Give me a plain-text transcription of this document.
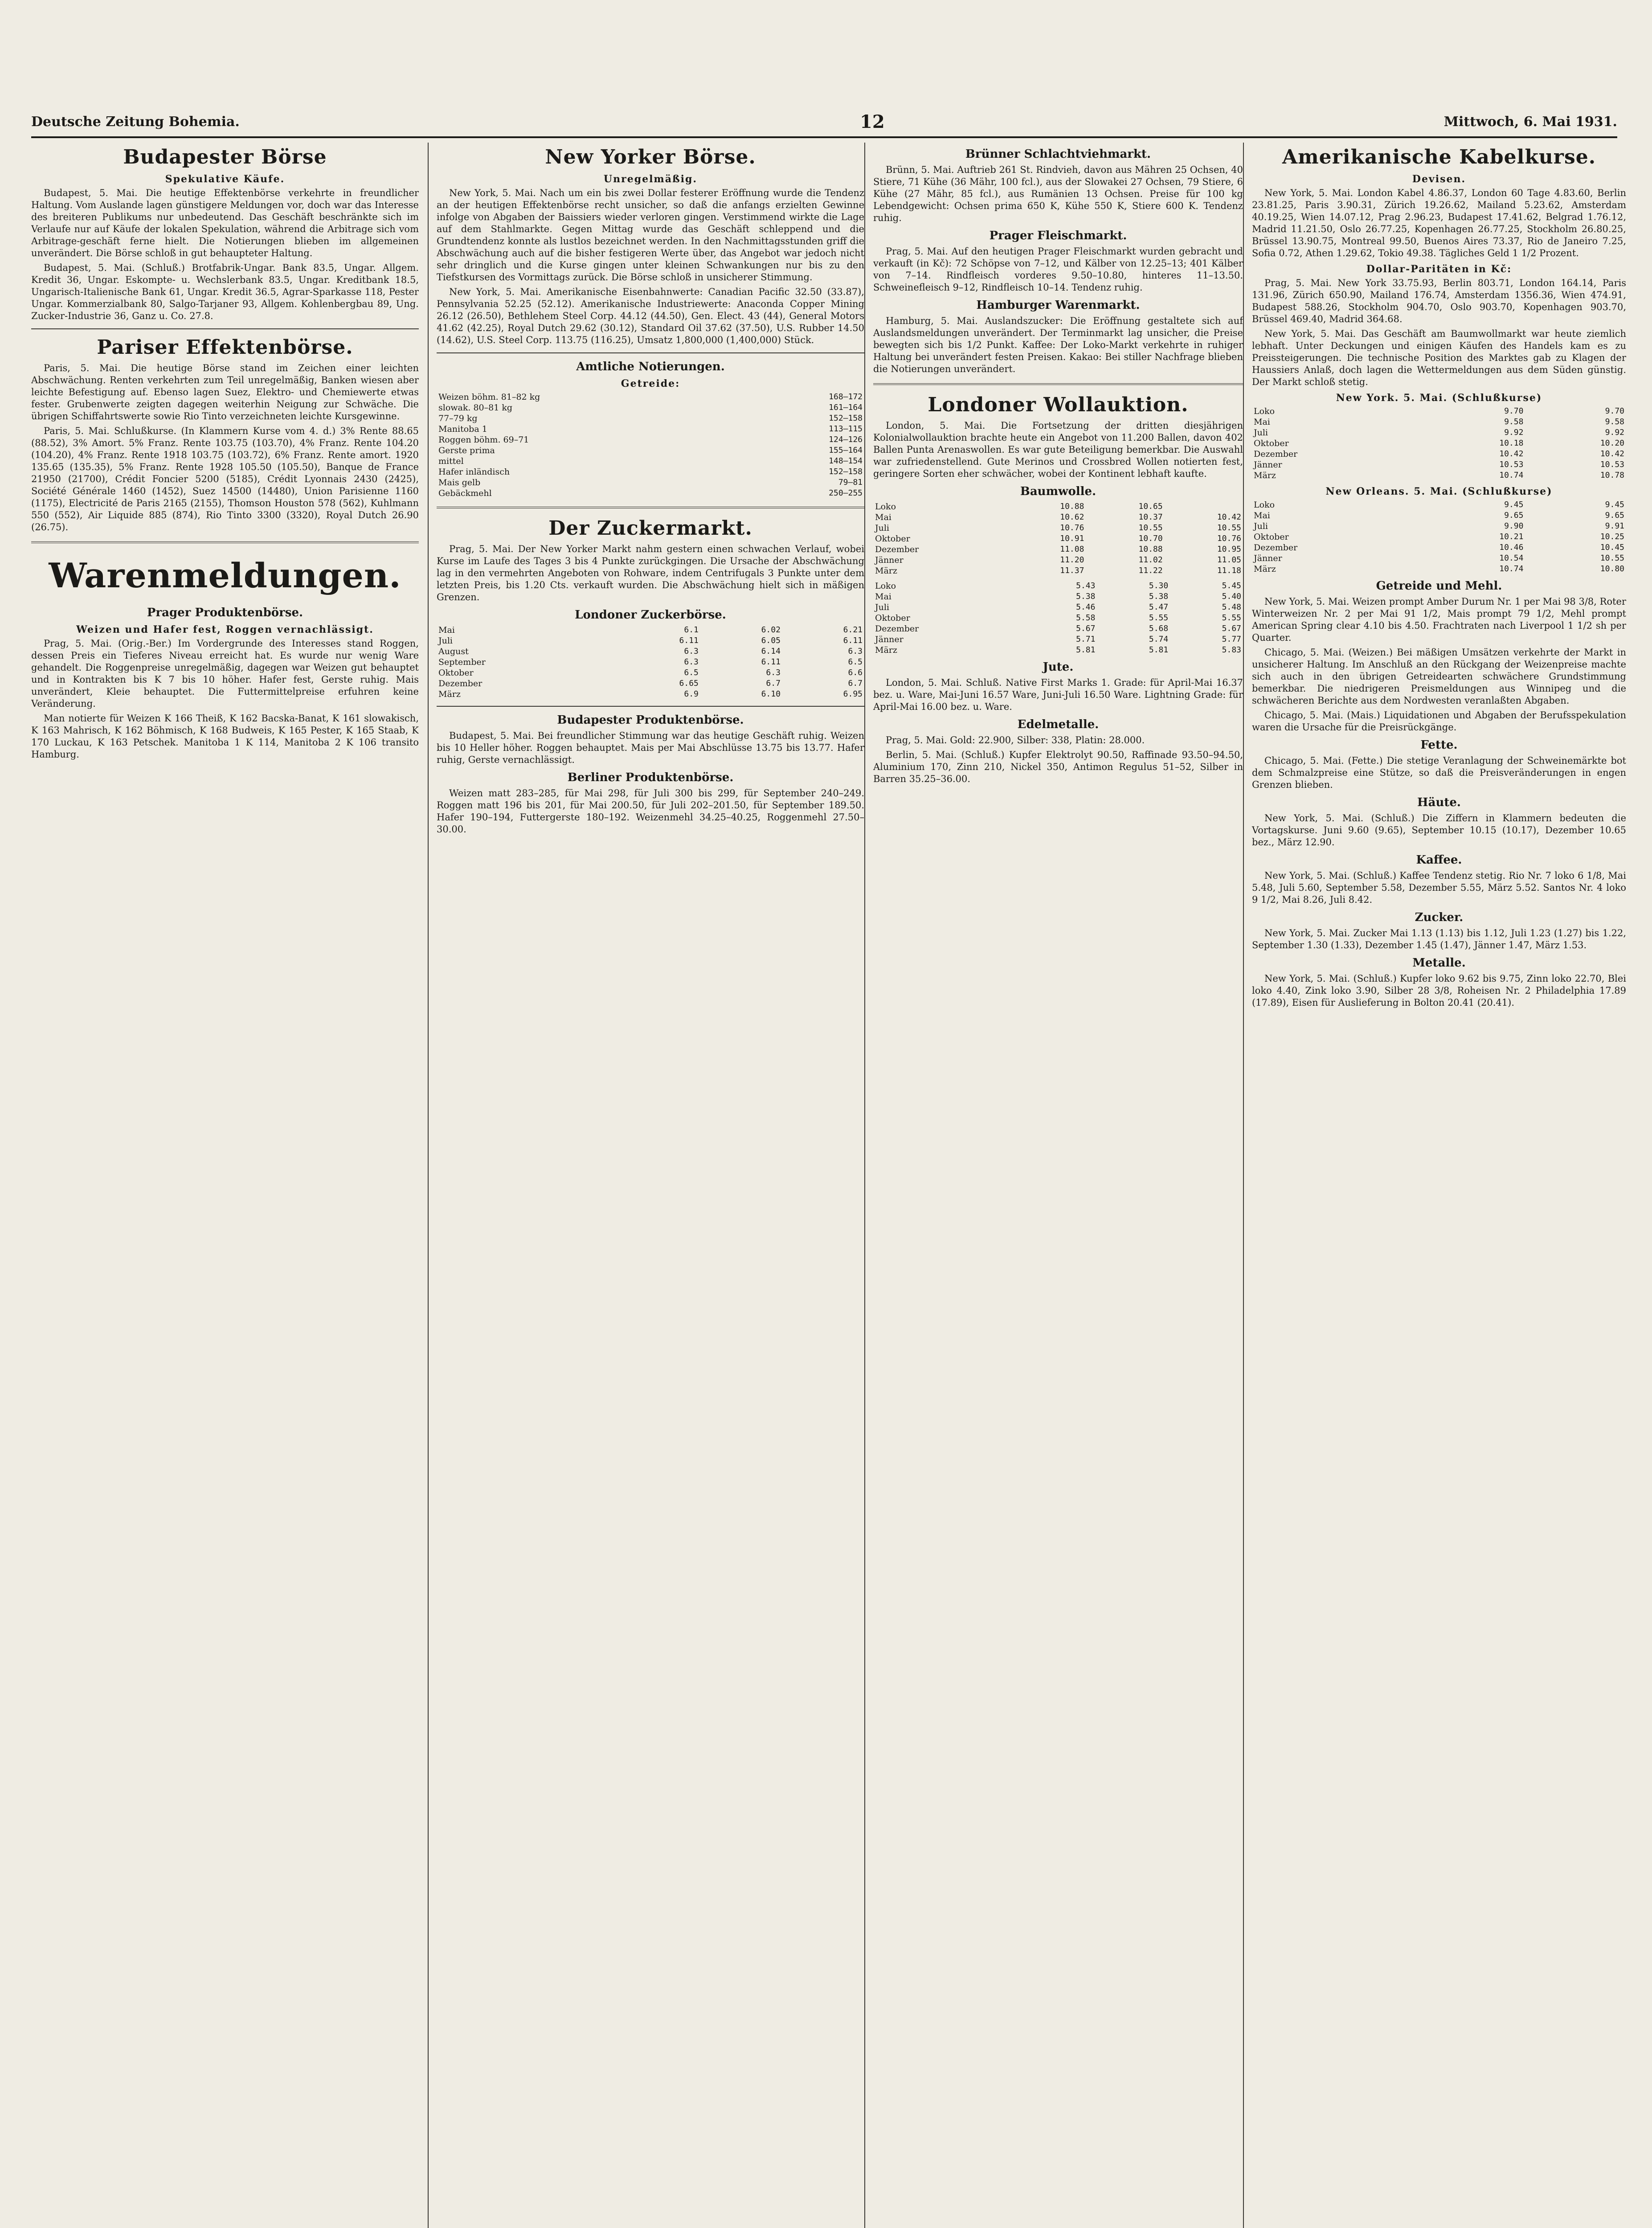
Deutsche Zeitung Bohemia.	12	Mittwoch, 6. Mai 1931.
Budapester Börse
Spekulative Käufe.

Budapest, 5. Mai. Die heutige Effektenbörse verkehrte in freundlicher Haltung. Vom Auslande lagen günstigere Meldungen vor, doch war das Interesse des breiteren Publikums nur unbedeutend. Das Geschäft beschränkte sich im Verlaufe nur auf Käufe der lokalen Spekulation, während die Arbitrage sich vom Arbitrage-geschäft ferne hielt. Die Notierungen blieben im allgemeinen unverändert. Die Börse schloß in gut behaupteter Haltung.

Budapest, 5. Mai. (Schluß.) Brotfabrik-Ungar. Bank 83.5, Ungar. Allgem. Kredit 36, Ungar. Eskompte- u. Wechslerbank 83.5, Ungar. Kreditbank 18.5, Ungarisch-Italienische Bank 61, Ungar. Kredit 36.5, Agrar-Sparkasse 118, Pester Ungar. Kommerzialbank 80, Salgo-Tarjaner 93, Allgem. Kohlenbergbau 89, Ung. Zucker-Industrie 36, Ganz u. Co. 27.8.

Pariser Effektenbörse.

Paris, 5. Mai. Die heutige Börse stand im Zeichen einer leichten Abschwächung. Renten verkehrten zum Teil unregelmäßig, Banken wiesen aber leichte Befestigung auf. Ebenso lagen Suez, Elektro- und Chemiewerte etwas fester. Grubenwerte zeigten dagegen weiterhin Neigung zur Schwäche. Die übrigen Schiffahrtswerte sowie Rio Tinto verzeichneten leichte Kursgewinne.

Paris, 5. Mai. Schlußkurse. (In Klammern Kurse vom 4. d.) 3% Rente 88.65 (88.52), 3% Amort. 5% Franz. Rente 103.75 (103.70), 4% Franz. Rente 104.20 (104.20), 4% Franz. Rente 1918 103.75 (103.72), 6% Franz. Rente amort. 1920 135.65 (135.35), 5% Franz. Rente 1928 105.50 (105.50), Banque de France 21950 (21700), Crédit Foncier 5200 (5185), Crédit Lyonnais 2430 (2425), Société Générale 1460 (1452), Suez 14500 (14480), Union Parisienne 1160 (1175), Electricité de Paris 2165 (2155), Thomson Houston 578 (562), Kuhlmann 550 (552), Air Liquide 885 (874), Rio Tinto 3300 (3320), Royal Dutch 26.90 (26.75).

Warenmeldungen.
Prager Produktenbörse.
Weizen und Hafer fest, Roggen vernachlässigt.

Prag, 5. Mai. (Orig.-Ber.) Im Vordergrunde des Interesses stand Roggen, dessen Preis ein Tieferes Niveau erreicht hat. Es wurde nur wenig Ware gehandelt. Die Roggenpreise unregelmäßig, dagegen war Weizen gut behauptet und in Kontrakten bis K 7 bis 10 höher. Hafer fest, Gerste ruhig. Mais unverändert, Kleie behauptet. Die Futtermittelpreise erfuhren keine Veränderung.

Man notierte für Weizen K 166 Theiß, K 162 Bacska-Banat, K 161 slowakisch, K 163 Mahrisch, K 162 Böhmisch, K 168 Budweis, K 165 Pester, K 165 Staab, K 170 Luckau, K 163 Petschek. Manitoba 1 K 114, Manitoba 2 K 106 transito Hamburg.

New Yorker Börse.
Unregelmäßig.

New York, 5. Mai. Nach um ein bis zwei Dollar festerer Eröffnung wurde die Tendenz an der heutigen Effektenbörse recht unsicher, so daß die anfangs erzielten Gewinne infolge von Abgaben der Baissiers wieder verloren gingen. Verstimmend wirkte die Lage auf dem Stahlmarkte. Gegen Mittag wurde das Geschäft schleppend und die Grundtendenz konnte als lustlos bezeichnet werden. In den Nachmittagsstunden griff die Abschwächung auch auf die bisher festigeren Werte über, das Angebot war jedoch nicht sehr dringlich und die Kurse gingen unter kleinen Schwankungen nur bis zu den Tiefstkursen des Vormittags zurück. Die Börse schloß in unsicherer Stimmung.

New York, 5. Mai. Amerikanische Eisenbahnwerte: Canadian Pacific 32.50 (33.87), Pennsylvania 52.25 (52.12). Amerikanische Industriewerte: Anaconda Copper Mining 26.12 (26.50), Bethlehem Steel Corp. 44.12 (44.50), Gen. Elect. 43 (44), General Motors 41.62 (42.25), Royal Dutch 29.62 (30.12), Standard Oil 37.62 (37.50), U.S. Rubber 14.50 (14.62), U.S. Steel Corp. 113.75 (116.25), Umsatz 1,800,000 (1,400,000) Stück.

Amtliche Notierungen.
Getreide:
Weizen böhm. 81–82 kg	168–172
slowak. 80–81 kg	161–164
77–79 kg	152–158
Manitoba 1	113–115
Roggen böhm. 69–71	124–126
Gerste prima	155–164
mittel	148–154
Hafer inländisch	152–158
Mais gelb	79–81
Gebäckmehl	250–255
Der Zuckermarkt.

Prag, 5. Mai. Der New Yorker Markt nahm gestern einen schwachen Verlauf, wobei Kurse im Laufe des Tages 3 bis 4 Punkte zurückgingen. Die Ursache der Abschwächung lag in den vermehrten Angeboten von Rohware, indem Centrifugals 3 Punkte unter dem letzten Preis, bis 1.20 Cts. verkauft wurden. Die Abschwächung hielt sich in mäßigen Grenzen.

Londoner Zuckerbörse.
Mai	6.1	6.02	6.21
Juli	6.11	6.05	6.11
August	6.3	6.14	6.3
September	6.3	6.11	6.5
Oktober	6.5	6.3	6.6
Dezember	6.65	6.7	6.7
März	6.9	6.10	6.95
Budapester Produktenbörse.

Budapest, 5. Mai. Bei freundlicher Stimmung war das heutige Geschäft ruhig. Weizen bis 10 Heller höher. Roggen behauptet. Mais per Mai Abschlüsse 13.75 bis 13.77. Hafer ruhig, Gerste vernachlässigt.

Berliner Produktenbörse.

Weizen matt 283–285, für Mai 298, für Juli 300 bis 299, für September 240–249. Roggen matt 196 bis 201, für Mai 200.50, für Juli 202–201.50, für September 189.50. Hafer 190–194, Futtergerste 180–192. Weizenmehl 34.25–40.25, Roggenmehl 27.50–30.00.

Brünner Schlachtviehmarkt.

Brünn, 5. Mai. Auftrieb 261 St. Rindvieh, davon aus Mähren 25 Ochsen, 40 Stiere, 71 Kühe (36 Mähr, 100 fcl.), aus der Slowakei 27 Ochsen, 79 Stiere, 6 Kühe (27 Mähr, 85 fcl.), aus Rumänien 13 Ochsen. Preise für 100 kg Lebendgewicht: Ochsen prima 650 K, Kühe 550 K, Stiere 600 K. Tendenz ruhig.

Prager Fleischmarkt.

Prag, 5. Mai. Auf den heutigen Prager Fleischmarkt wurden gebracht und verkauft (in Kč): 72 Schöpse von 7–12, und Kälber von 12.25–13; 401 Kälber von 7–14. Rindfleisch vorderes 9.50–10.80, hinteres 11–13.50. Schweinefleisch 9–12, Rindfleisch 10–14. Tendenz ruhig.

Hamburger Warenmarkt.

Hamburg, 5. Mai. Auslandszucker: Die Eröffnung gestaltete sich auf Auslandsmeldungen unverändert. Der Terminmarkt lag unsicher, die Preise bewegten sich bis 1/2 Punkt. Kaffee: Der Loko-Markt verkehrte in ruhiger Haltung bei unverändert festen Preisen. Kakao: Bei stiller Nachfrage blieben die Notierungen unverändert.

Londoner Wollauktion.

London, 5. Mai. Die Fortsetzung der dritten diesjährigen Kolonialwollauktion brachte heute ein Angebot von 11.200 Ballen, davon 402 Ballen Punta Arenaswollen. Es war gute Beteiligung bemerkbar. Die Auswahl war zufriedenstellend. Gute Merinos und Crossbred Wollen notierten fest, geringere Sorten eher schwächer, wobei der Kontinent lebhaft kaufte.

Baumwolle.
Loko	10.88	10.65	
Mai	10.62	10.37	10.42
Juli	10.76	10.55	10.55
Oktober	10.91	10.70	10.76
Dezember	11.08	10.88	10.95
Jänner	11.20	11.02	11.05
März	11.37	11.22	11.18
Loko	5.43	5.30	5.45
Mai	5.38	5.38	5.40
Juli	5.46	5.47	5.48
Oktober	5.58	5.55	5.55
Dezember	5.67	5.68	5.67
Jänner	5.71	5.74	5.77
März	5.81	5.81	5.83
Jute.

London, 5. Mai. Schluß. Native First Marks 1. Grade: für April-Mai 16.37 bez. u. Ware, Mai-Juni 16.57 Ware, Juni-Juli 16.50 Ware. Lightning Grade: für April-Mai 16.00 bez. u. Ware.

Edelmetalle.

Prag, 5. Mai. Gold: 22.900, Silber: 338, Platin: 28.000.

Berlin, 5. Mai. (Schluß.) Kupfer Elektrolyt 90.50, Raffinade 93.50–94.50, Aluminium 170, Zinn 210, Nickel 350, Antimon Regulus 51–52, Silber in Barren 35.25–36.00.

Amerikanische Kabelkurse.
Devisen.

New York, 5. Mai. London Kabel 4.86.37, London 60 Tage 4.83.60, Berlin 23.81.25, Paris 3.90.31, Zürich 19.26.62, Mailand 5.23.62, Amsterdam 40.19.25, Wien 14.07.12, Prag 2.96.23, Budapest 17.41.62, Belgrad 1.76.12, Madrid 11.21.50, Oslo 26.77.25, Kopenhagen 26.77.25, Stockholm 26.80.25, Brüssel 13.90.75, Montreal 99.50, Buenos Aires 73.37, Rio de Janeiro 7.25, Sofia 0.72, Athen 1.29.62, Tokio 49.38. Tägliches Geld 1 1/2 Prozent.

Dollar-Paritäten in Kč:

Prag, 5. Mai. New York 33.75.93, Berlin 803.71, London 164.14, Paris 131.96, Zürich 650.90, Mailand 176.74, Amsterdam 1356.36, Wien 474.91, Budapest 588.26, Stockholm 904.70, Oslo 903.70, Kopenhagen 903.70, Brüssel 469.40, Madrid 364.68.

New York, 5. Mai. Das Geschäft am Baumwollmarkt war heute ziemlich lebhaft. Unter Deckungen und einigen Käufen des Handels kam es zu Preissteigerungen. Die technische Position des Marktes gab zu Klagen der Haussiers Anlaß, doch lagen die Wettermeldungen aus dem Süden günstig. Der Markt schloß stetig.

New York. 5. Mai. (Schlußkurse)
Loko	9.70	9.70
Mai	9.58	9.58
Juli	9.92	9.92
Oktober	10.18	10.20
Dezember	10.42	10.42
Jänner	10.53	10.53
März	10.74	10.78
New Orleans. 5. Mai. (Schlußkurse)
Loko	9.45	9.45
Mai	9.65	9.65
Juli	9.90	9.91
Oktober	10.21	10.25
Dezember	10.46	10.45
Jänner	10.54	10.55
März	10.74	10.80
Getreide und Mehl.

New York, 5. Mai. Weizen prompt Amber Durum Nr. 1 per Mai 98 3/8, Roter Winterweizen Nr. 2 per Mai 91 1/2, Mais prompt 79 1/2, Mehl prompt American Spring clear 4.10 bis 4.50. Frachtraten nach Liverpool 1 1/2 sh per Quarter.

Chicago, 5. Mai. (Weizen.) Bei mäßigen Umsätzen verkehrte der Markt in unsicherer Haltung. Im Anschluß an den Rückgang der Weizenpreise machte sich auch in den übrigen Getreidearten schwächere Grundstimmung bemerkbar. Die niedrigeren Preismeldungen aus Winnipeg und die schwächeren Berichte aus dem Nordwesten veranlaßten Abgaben.

Chicago, 5. Mai. (Mais.) Liquidationen und Abgaben der Berufsspekulation waren die Ursache für die Preisrückgänge.

Fette.

Chicago, 5. Mai. (Fette.) Die stetige Veranlagung der Schweinemärkte bot dem Schmalzpreise eine Stütze, so daß die Preisveränderungen in engen Grenzen blieben.

Häute.

New York, 5. Mai. (Schluß.) Die Ziffern in Klammern bedeuten die Vortagskurse. Juni 9.60 (9.65), September 10.15 (10.17), Dezember 10.65 bez., März 12.90.

Kaffee.

New York, 5. Mai. (Schluß.) Kaffee Tendenz stetig. Rio Nr. 7 loko 6 1/8, Mai 5.48, Juli 5.60, September 5.58, Dezember 5.55, März 5.52. Santos Nr. 4 loko 9 1/2, Mai 8.26, Juli 8.42.

Zucker.

New York, 5. Mai. Zucker Mai 1.13 (1.13) bis 1.12, Juli 1.23 (1.27) bis 1.22, September 1.30 (1.33), Dezember 1.45 (1.47), Jänner 1.47, März 1.53.

Metalle.

New York, 5. Mai. (Schluß.) Kupfer loko 9.62 bis 9.75, Zinn loko 22.70, Blei loko 4.40, Zink loko 3.90, Silber 28 3/8, Roheisen Nr. 2 Philadelphia 17.89 (17.89), Eisen für Auslieferung in Bolton 20.41 (20.41).
